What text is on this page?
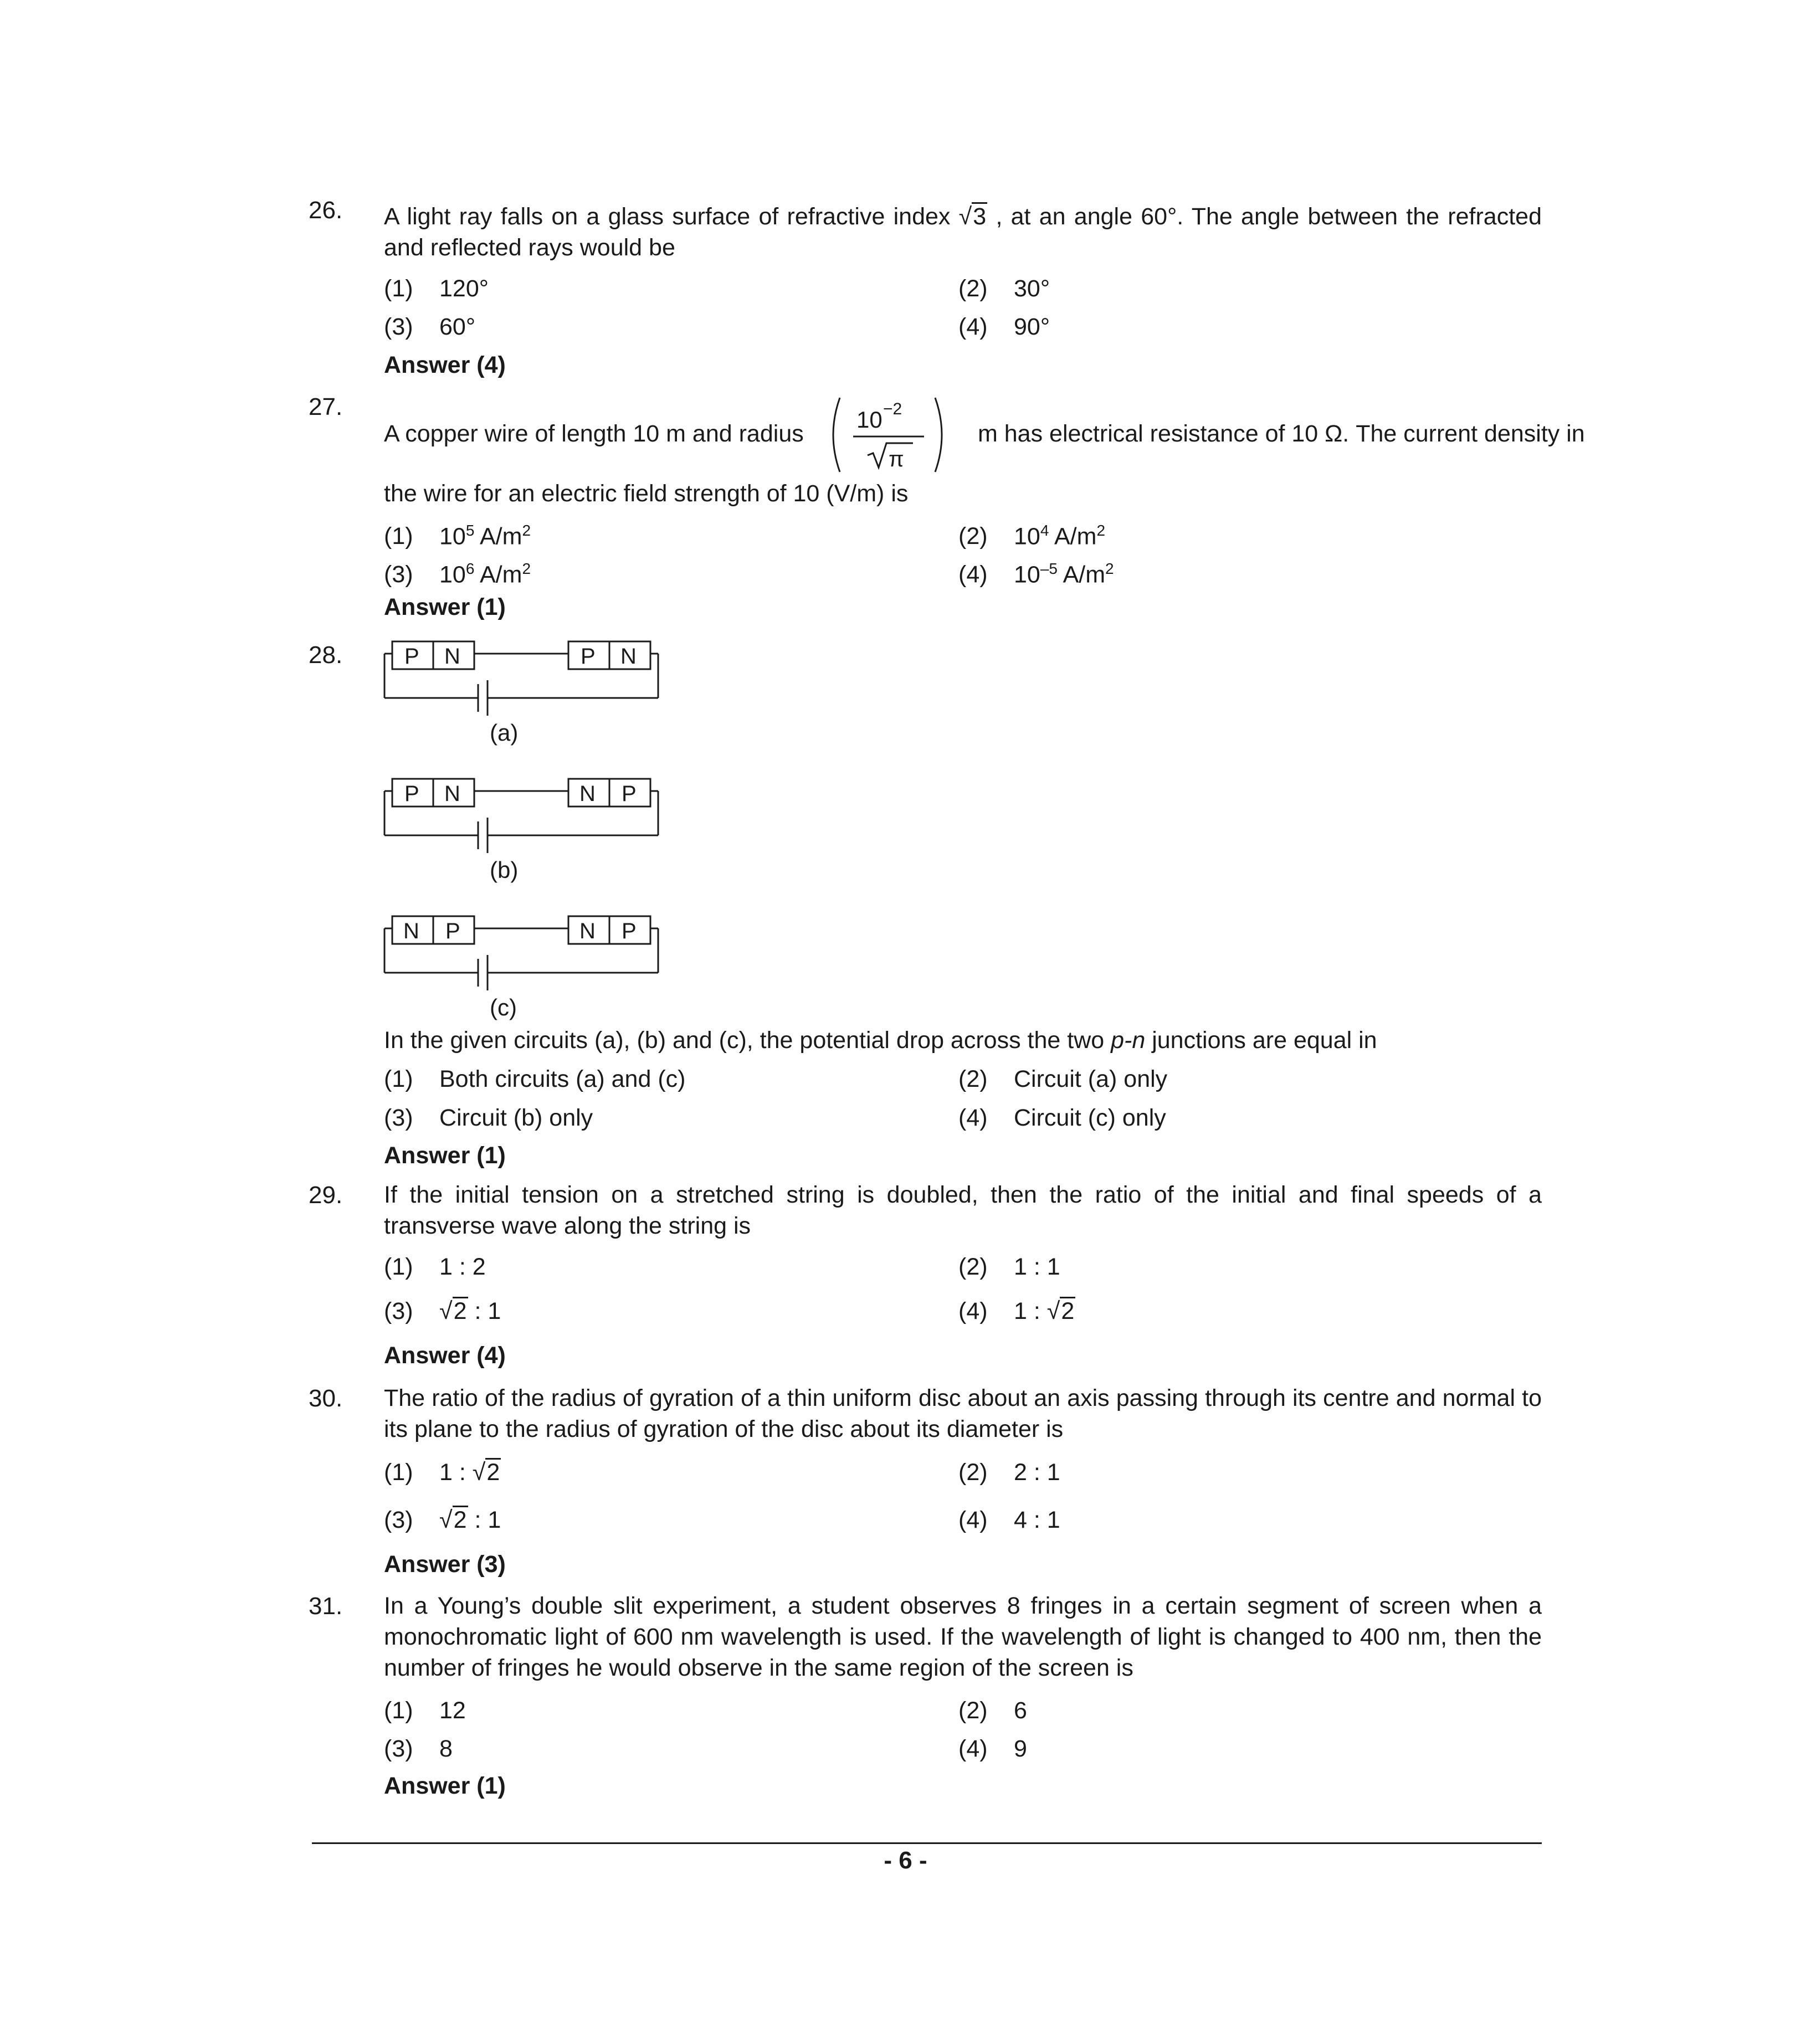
26. A light ray falls on a glass surface of refractive index √3 , at an angle 60°. The angle between the refracted and reflected rays would be
(1) 120°	(2) 30°
(3) 60°	(4) 90°
Answer (4)
27.
A copper wire of length 10 m and radius
10 −2
π
m has electrical resistance of 10 Ω. The current density in
the wire for an electric field strength of 10 (V/m) is
(1) $10^5$ $A/m^2$	(2) $10^4$ $A/m^2$
(3) $10^6$ $A/m^2$	(4) $10^{-5}$ $A/m^2$
Answer (1)
28.	P N	P N
(a)
P N	N P
(b)
N P	N P
(c)
In the given circuits (a), (b) and (c), the potential drop across the two p-n junctions are equal in
(1) Both circuits (a) and (c)	(2) Circuit (a) only
(3) Circuit (b) only	(4) Circuit (c) only
Answer (1)
29. If the initial tension on a stretched string is doubled, then the ratio of the initial and final speeds of a transverse wave along the string is
(1) 1 : 2	(2) 1 : 1
(3) √2 : 1	(4) 1 : √2
Answer (4)
30. The ratio of the radius of gyration of a thin uniform disc about an axis passing through its centre and normal to its plane to the radius of gyration of the disc about its diameter is
(1) 1 : √2	(2) 2 : 1
(3) √2 : 1	(4) 4 : 1
Answer (3)
31. In a Young’s double slit experiment, a student observes 8 fringes in a certain segment of screen when a monochromatic light of 600 nm wavelength is used. If the wavelength of light is changed to 400 nm, then the number of fringes he would observe in the same region of the screen is
(1) 12	(2) 6
(3) 8	(4) 9
Answer (1)
- 6 -
